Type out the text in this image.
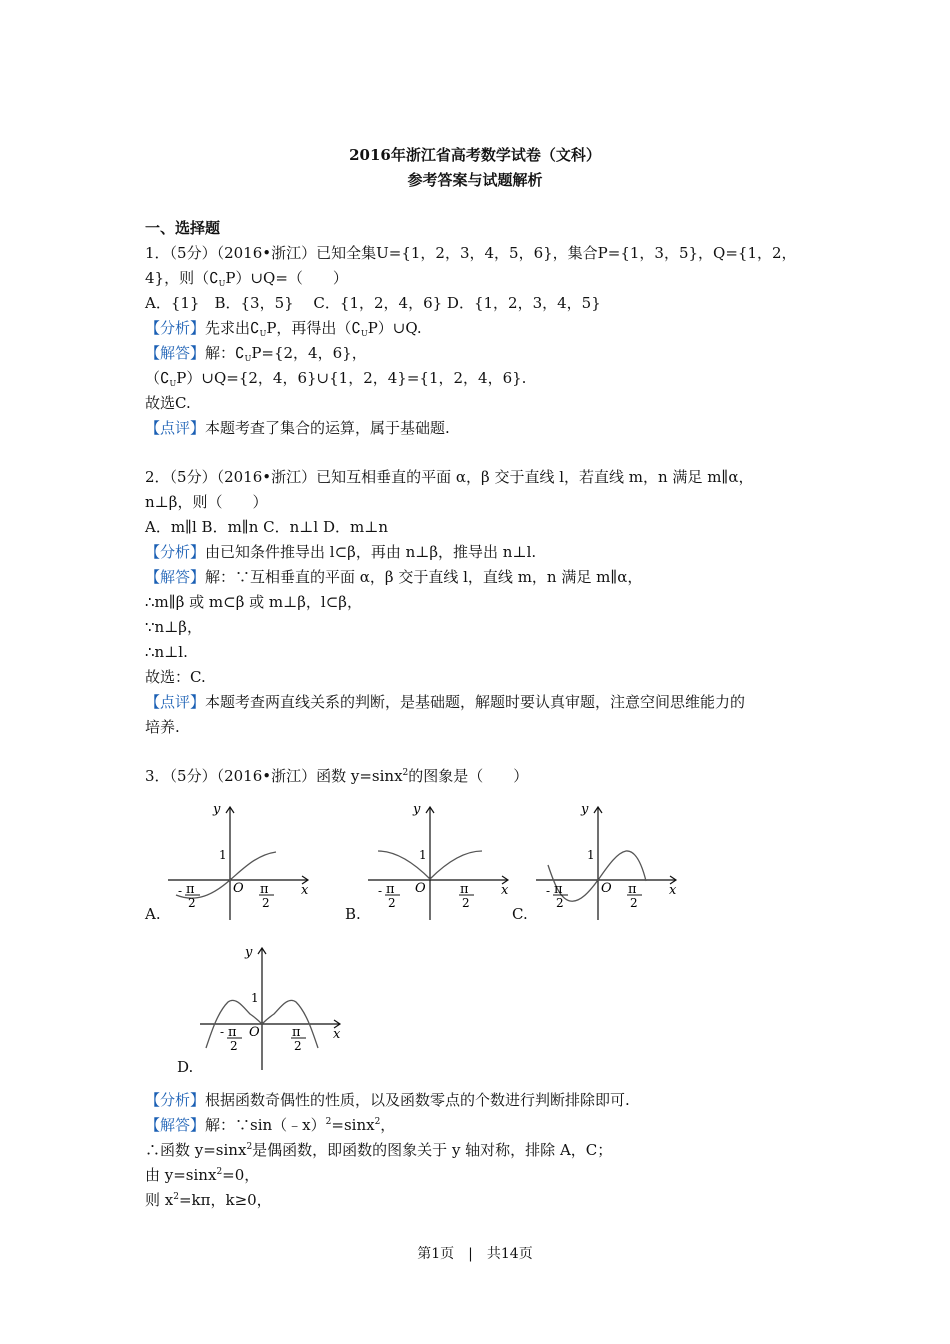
2016年浙江省高考数学试卷（文科）
参考答案与试题解析
一、选择题
1．（5分）（2016•浙江）已知全集U={1，2，3，4，5，6}，集合P={1，3，5}，Q={1，2，
4}，则$(∁_UP)\cup Q=$（　　）
A．{1}　B．{3，5}　 C．{1，2，4，6} D．{1，2，3，4，5}
【分析】先求出$∁_UP$，再得出$(∁_UP)\cup Q$.
【解答】解：$∁_UP=\{2$，4，6}，
$(∁_UP)\cup Q=\{2$，4，6}∪{1，2，4}={1，2，4，6}.
故选C.
【点评】本题考查了集合的运算，属于基础题.
2．（5分）（2016•浙江）已知互相垂直的平面 α，β 交于直线 l，若直线 m，n 满足 m∥α，
n⊥β，则（　　）
A．m∥l B．m∥n C．n⊥l D．m⊥n
【分析】由已知条件推导出 l⊂β，再由 n⊥β，推导出 n⊥l.
【解答】解：∵互相垂直的平面 α，β 交于直线 l，直线 m，n 满足 m∥α，
∴m∥β 或 m⊂β 或 m⊥β，l⊂β，
∵n⊥β，
∴n⊥l.
故选：C.
【点评】本题考查两直线关系的判断，是基础题，解题时要认真审题，注意空间思维能力的
培养.
3．（5分）（2016•浙江）函数 y=sinx$^2$的图象是（　　）
A.
y
x
1
O
- π
2
π
2
B.
y
x
1
O
- π
2
π
2
C.
y
x
1
O
- π
2
π
2
D.
y
x
1
O
- π
2
π
2
【分析】根据函数奇偶性的性质，以及函数零点的个数进行判断排除即可.
【解答】解：∵sin（﹣x）$^2$=sinx$^2$，
∴函数 y=sinx$^2$是偶函数，即函数的图象关于 y 轴对称，排除 A，C；
由 y=sinx$^2$=0，
则 $x^2=k\pi$，k≥0，
第1页　|　共14页
